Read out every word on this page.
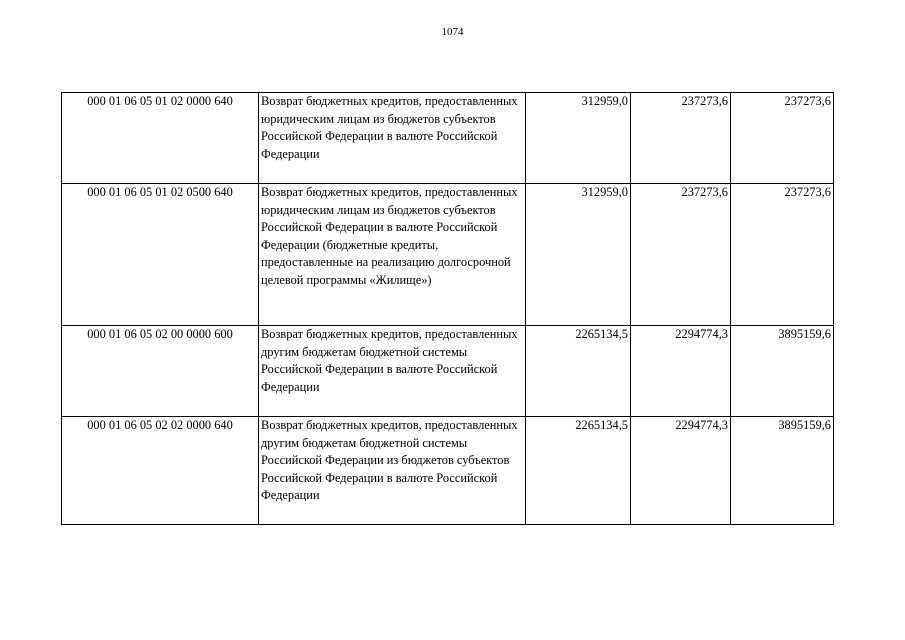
1074
000 01 06 05 01 02 0000 640	Возврат бюджетных кредитов, предоставленных юридическим лицам из бюджетов субъектов Российской Федерации в валюте Российской Федерации	312959,0	237273,6	237273,6
000 01 06 05 01 02 0500 640	Возврат бюджетных кредитов, предоставленных юридическим лицам из бюджетов субъектов Российской Федерации в валюте Российской Федерации (бюджетные кредиты, предоставленные на реализацию долгосрочной целевой программы «Жилище»)	312959,0	237273,6	237273,6
000 01 06 05 02 00 0000 600	Возврат бюджетных кредитов, предоставленных другим бюджетам бюджетной системы Российской Федерации в валюте Российской Федерации	2265134,5	2294774,3	3895159,6
000 01 06 05 02 02 0000 640	Возврат бюджетных кредитов, предоставленных другим бюджетам бюджетной системы Российской Федерации из бюджетов субъектов Российской Федерации в валюте Российской Федерации	2265134,5	2294774,3	3895159,6
